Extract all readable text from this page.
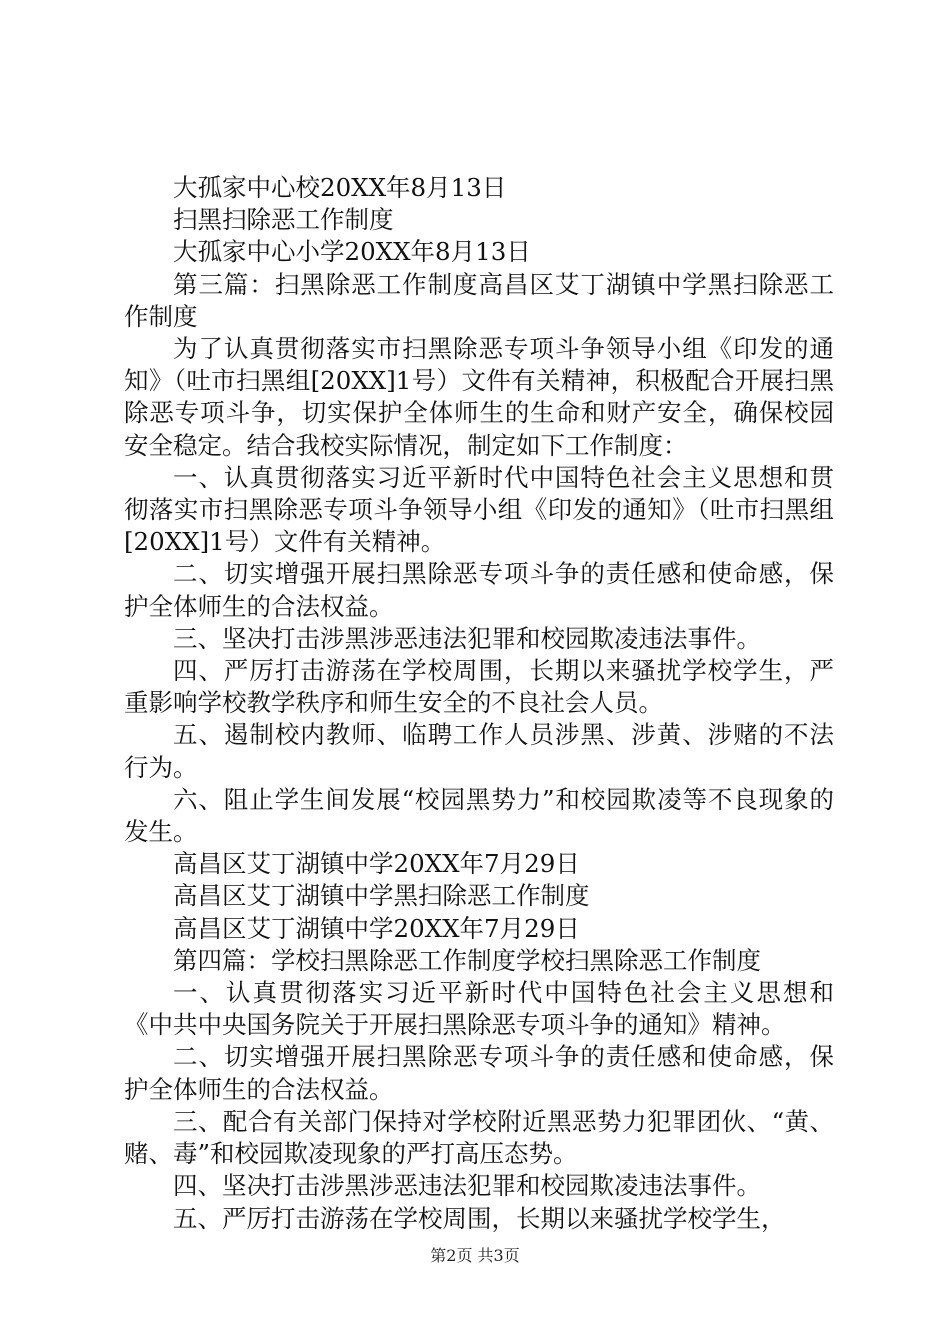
大孤家中心校20XX年8月13日

扫黑扫除恶工作制度

大孤家中心小学20XX年8月13日

第三篇：扫黑除恶工作制度高昌区艾丁湖镇中学黑扫除恶工作制度

为了认真贯彻落实市扫黑除恶专项斗争领导小组《印发的通知》（吐市扫黑组[20XX]1号）文件有关精神，积极配合开展扫黑除恶专项斗争，切实保护全体师生的生命和财产安全，确保校园安全稳定。结合我校实际情况，制定如下工作制度：

一、认真贯彻落实习近平新时代中国特色社会主义思想和贯彻落实市扫黑除恶专项斗争领导小组《印发的通知》（吐市扫黑组[20XX]1号）文件有关精神。

二、切实增强开展扫黑除恶专项斗争的责任感和使命感，保护全体师生的合法权益。

三、坚决打击涉黑涉恶违法犯罪和校园欺凌违法事件。

四、严厉打击游荡在学校周围，长期以来骚扰学校学生，严重影响学校教学秩序和师生安全的不良社会人员。

五、遏制校内教师、临聘工作人员涉黑、涉黄、涉赌的不法行为。

六、阻止学生间发展“校园黑势力”和校园欺凌等不良现象的发生。

高昌区艾丁湖镇中学20XX年7月29日

高昌区艾丁湖镇中学黑扫除恶工作制度

高昌区艾丁湖镇中学20XX年7月29日

第四篇：学校扫黑除恶工作制度学校扫黑除恶工作制度

一、认真贯彻落实习近平新时代中国特色社会主义思想和《中共中央国务院关于开展扫黑除恶专项斗争的通知》精神。

二、切实增强开展扫黑除恶专项斗争的责任感和使命感，保护全体师生的合法权益。

三、配合有关部门保持对学校附近黑恶势力犯罪团伙、“黄、赌、毒”和校园欺凌现象的严打高压态势。

四、坚决打击涉黑涉恶违法犯罪和校园欺凌违法事件。

五、严厉打击游荡在学校周围，长期以来骚扰学校学生，

第2页 共3页
